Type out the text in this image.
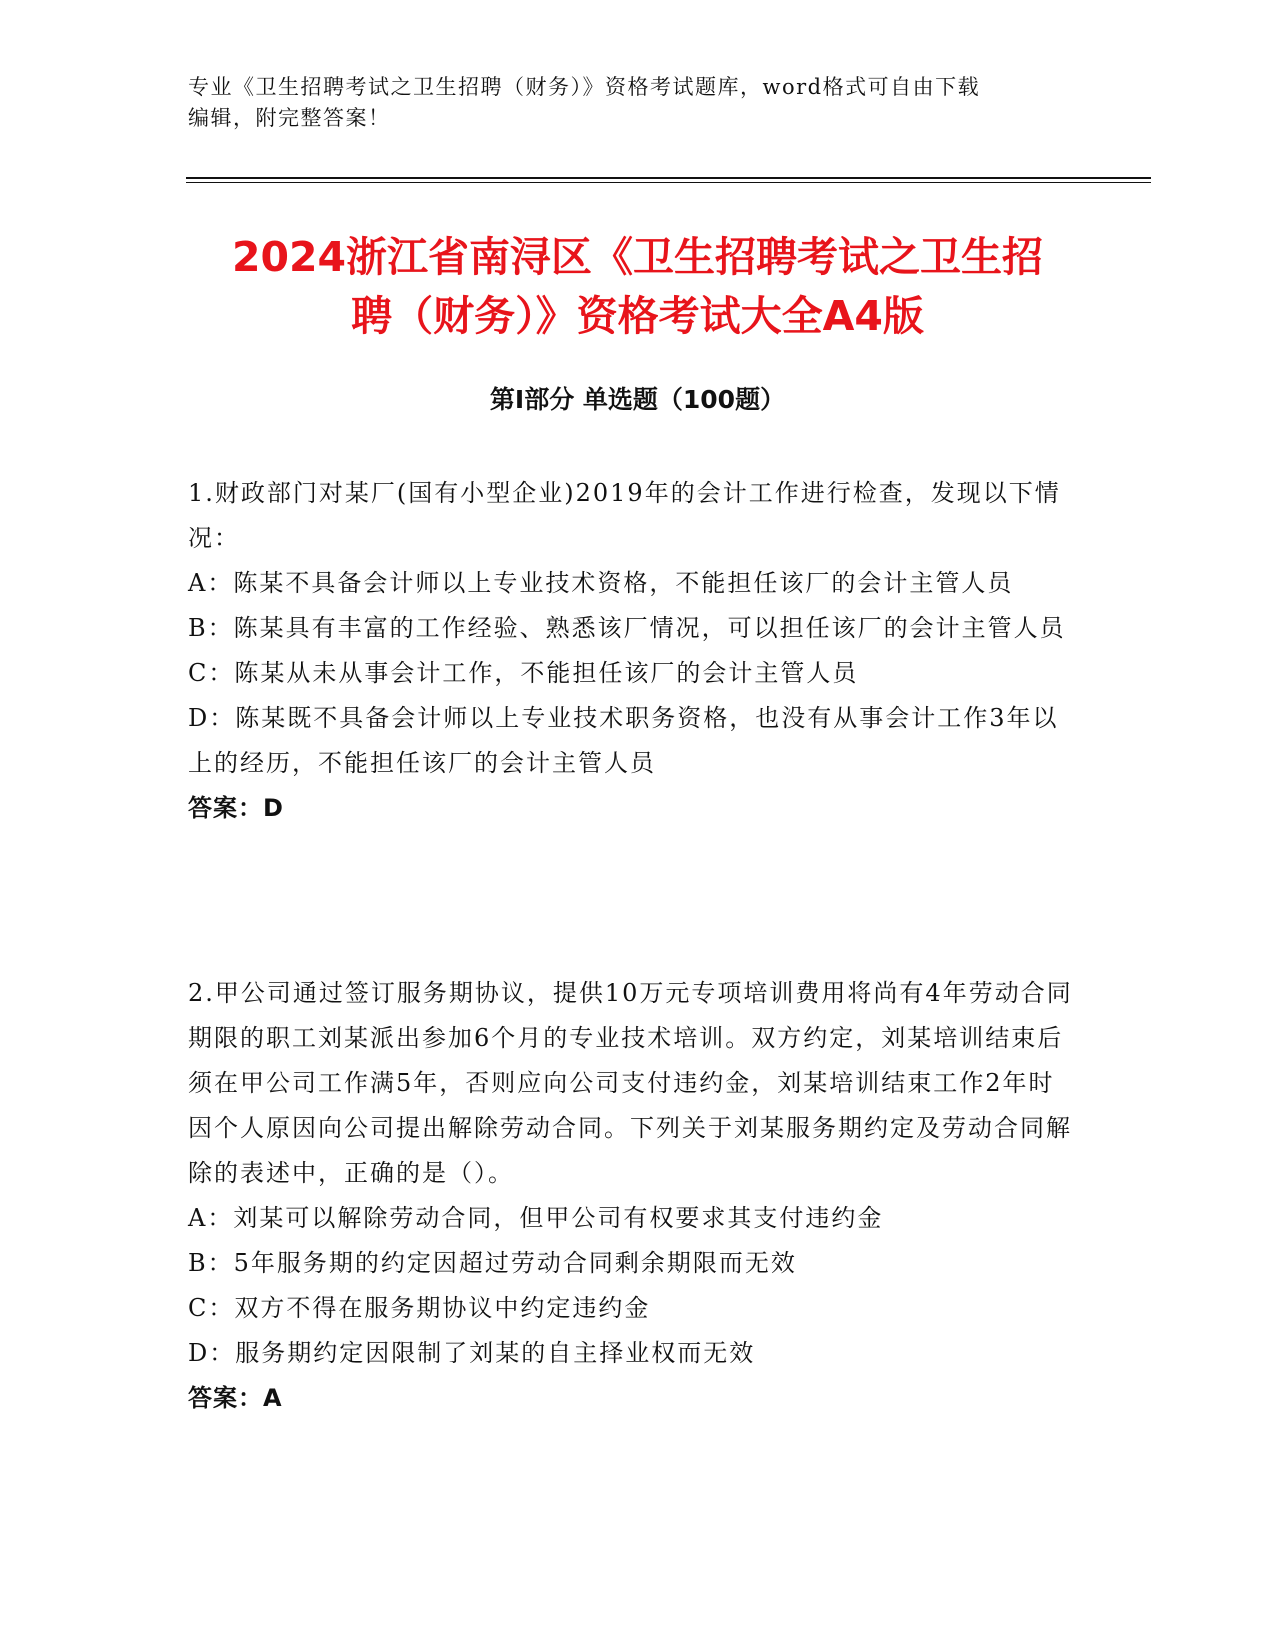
专业《卫生招聘考试之卫生招聘（财务）》资格考试题库，word格式可自由下载
编辑，附完整答案！
2024浙江省南浔区《卫生招聘考试之卫生招
聘（财务）》资格考试大全A4版
第Ⅰ部分 单选题（100题）

1.财政部门对某厂(国有小型企业)2019年的会计工作进行检查，发现以下情况：

A：陈某不具备会计师以上专业技术资格，不能担任该厂的会计主管人员

B：陈某具有丰富的工作经验、熟悉该厂情况，可以担任该厂的会计主管人员

C：陈某从未从事会计工作，不能担任该厂的会计主管人员

D：陈某既不具备会计师以上专业技术职务资格，也没有从事会计工作3年以上的经历，不能担任该厂的会计主管人员

答案：D

2.甲公司通过签订服务期协议，提供10万元专项培训费用将尚有4年劳动合同期限的职工刘某派出参加6个月的专业技术培训。双方约定，刘某培训结束后须在甲公司工作满5年，否则应向公司支付违约金，刘某培训结束工作2年时因个人原因向公司提出解除劳动合同。下列关于刘某服务期约定及劳动合同解除的表述中，正确的是（）。

A：刘某可以解除劳动合同，但甲公司有权要求其支付违约金

B：5年服务期的约定因超过劳动合同剩余期限而无效

C：双方不得在服务期协议中约定违约金

D：服务期约定因限制了刘某的自主择业权而无效

答案：A
